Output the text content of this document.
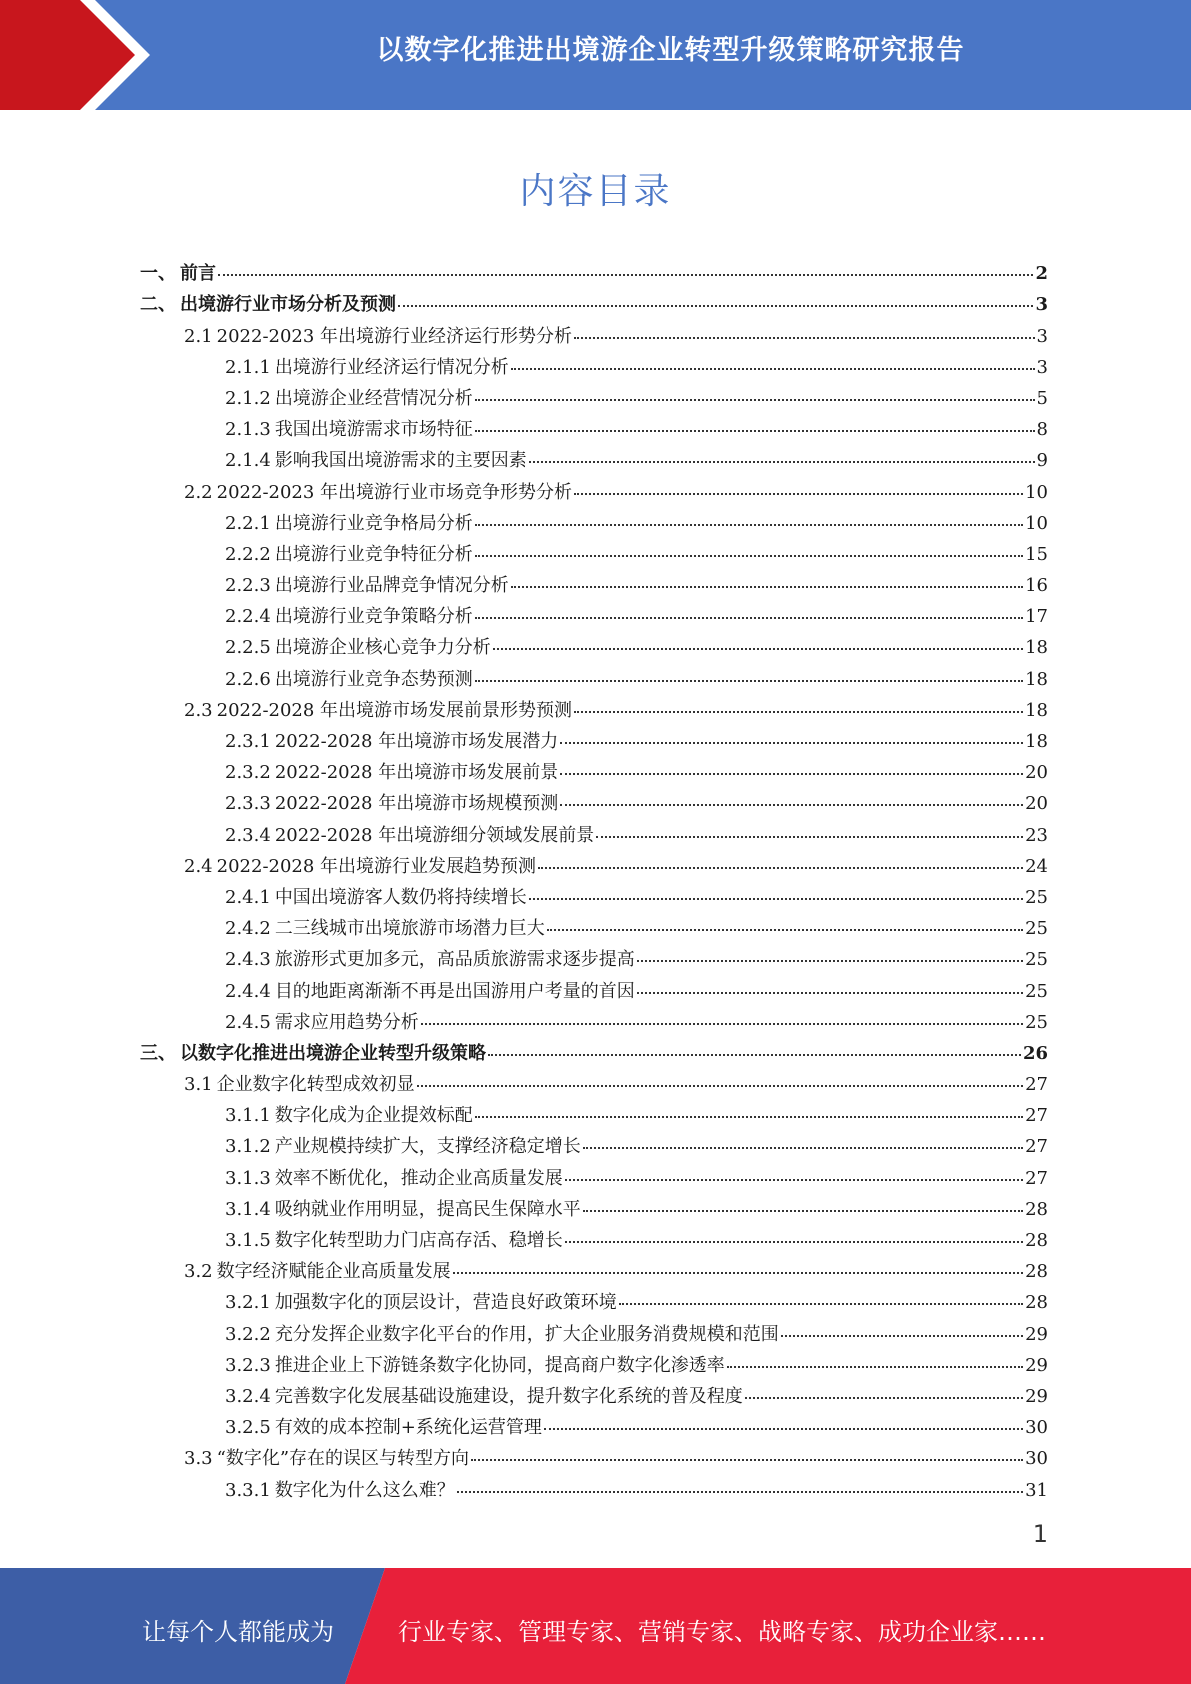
以数字化推进出境游企业转型升级策略研究报告
内容目录
一、 前言	2
二、 出境游行业市场分析及预测	3
2.1 2022-2023 年出境游行业经济运行形势分析	3
2.1.1 出境游行业经济运行情况分析	3
2.1.2 出境游企业经营情况分析	5
2.1.3 我国出境游需求市场特征	8
2.1.4 影响我国出境游需求的主要因素	9
2.2 2022-2023 年出境游行业市场竞争形势分析	10
2.2.1 出境游行业竞争格局分析	10
2.2.2 出境游行业竞争特征分析	15
2.2.3 出境游行业品牌竞争情况分析	16
2.2.4 出境游行业竞争策略分析	17
2.2.5 出境游企业核心竞争力分析	18
2.2.6 出境游行业竞争态势预测	18
2.3 2022-2028 年出境游市场发展前景形势预测	18
2.3.1 2022-2028 年出境游市场发展潜力	18
2.3.2 2022-2028 年出境游市场发展前景	20
2.3.3 2022-2028 年出境游市场规模预测	20
2.3.4 2022-2028 年出境游细分领域发展前景	23
2.4 2022-2028 年出境游行业发展趋势预测	24
2.4.1 中国出境游客人数仍将持续增长	25
2.4.2 二三线城市出境旅游市场潜力巨大	25
2.4.3 旅游形式更加多元，高品质旅游需求逐步提高	25
2.4.4 目的地距离渐渐不再是出国游用户考量的首因	25
2.4.5 需求应用趋势分析	25
三、 以数字化推进出境游企业转型升级策略	26
3.1 企业数字化转型成效初显	27
3.1.1 数字化成为企业提效标配	27
3.1.2 产业规模持续扩大，支撑经济稳定增长	27
3.1.3 效率不断优化，推动企业高质量发展	27
3.1.4 吸纳就业作用明显，提高民生保障水平	28
3.1.5 数字化转型助力门店高存活、稳增长	28
3.2 数字经济赋能企业高质量发展	28
3.2.1 加强数字化的顶层设计，营造良好政策环境	28
3.2.2 充分发挥企业数字化平台的作用，扩大企业服务消费规模和范围	29
3.2.3 推进企业上下游链条数字化协同，提高商户数字化渗透率	29
3.2.4 完善数字化发展基础设施建设，提升数字化系统的普及程度	29
3.2.5 有效的成本控制+系统化运营管理	30
3.3 “数字化”存在的误区与转型方向	30
3.3.1 数字化为什么这么难？	31
1
让每个人都能成为	行业专家、管理专家、营销专家、战略专家、成功企业家……
